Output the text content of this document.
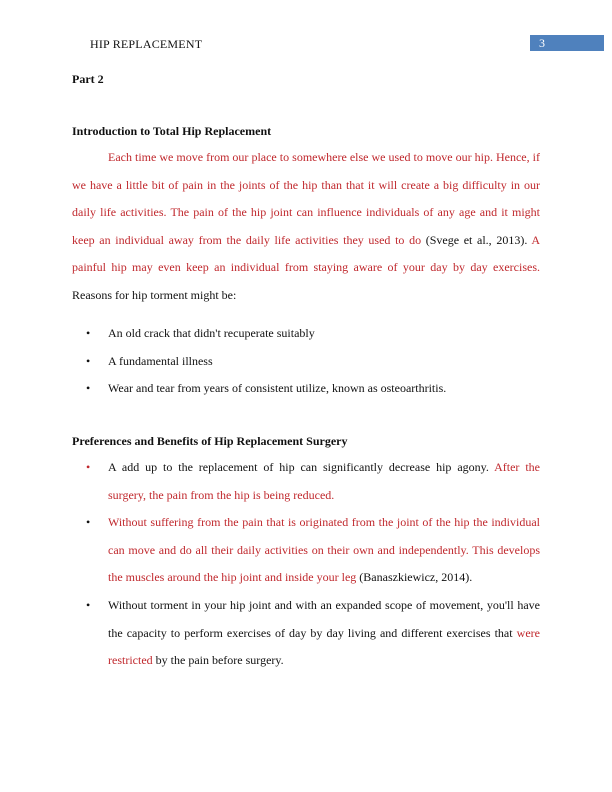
HIP REPLACEMENT	3
Part 2
Introduction to Total Hip Replacement
Each time we move from our place to somewhere else we used to move our hip. Hence, if we have a little bit of pain in the joints of the hip than that it will create a big difficulty in our daily life activities. The pain of the hip joint can influence individuals of any age and it might keep an individual away from the daily life activities they used to do (Svege et al., 2013). A painful hip may even keep an individual from staying aware of your day by day exercises. Reasons for hip torment might be:
• An old crack that didn't recuperate suitably
• A fundamental illness
• Wear and tear from years of consistent utilize, known as osteoarthritis.
Preferences and Benefits of Hip Replacement Surgery
• A add up to the replacement of hip can significantly decrease hip agony. After the surgery, the pain from the hip is being reduced.
• Without suffering from the pain that is originated from the joint of the hip the individual can move and do all their daily activities on their own and independently. This develops the muscles around the hip joint and inside your leg (Banaszkiewicz, 2014).
• Without torment in your hip joint and with an expanded scope of movement, you'll have the capacity to perform exercises of day by day living and different exercises that were restricted by the pain before surgery.
